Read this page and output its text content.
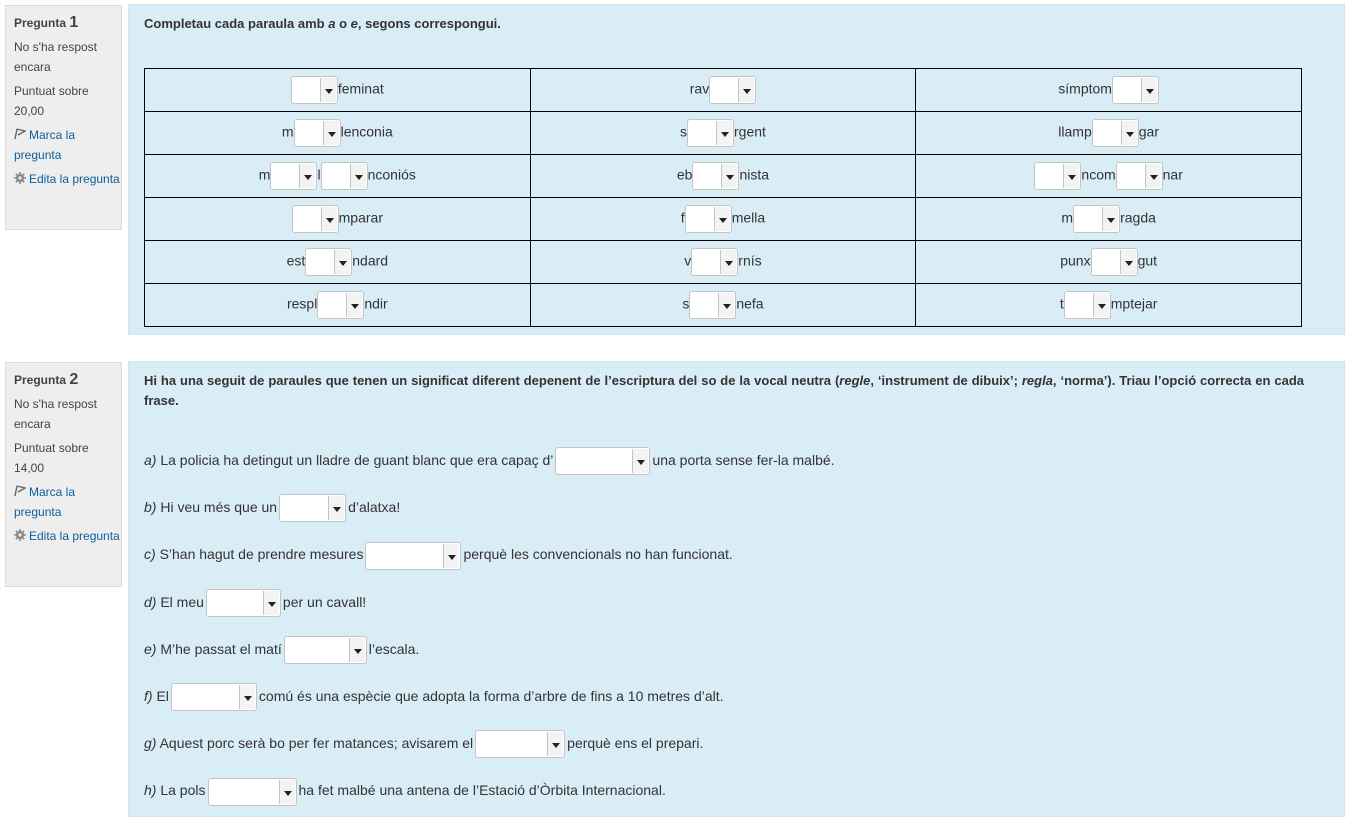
Pregunta 1
No s'ha respost encara
Puntuat sobre 20,00
Marca la pregunta
Edita la pregunta
Completau cada paraula amb a o e, segons correspongui.
feminat	rav	símptom

m lenconia	s rgent	llamp gar
m l nconiós	eb nista	ncom nar

mparar	f mella	m ragda
est ndard	v rnís	punx gut
respl ndir	s nefa	t mptejar
Pregunta 2
No s'ha respost encara
Puntuat sobre 14,00
Marca la pregunta
Edita la pregunta
Hi ha una seguit de paraules que tenen un significat diferent depenent de l’escriptura del so de la vocal neutra (regle, ‘instrument de dibuix’; regla, ‘norma’). Triau l’opció correcta en cada frase.
a) La policia ha detingut un lladre de guant blanc que era capaç d’	una porta sense fer-la malbé.
b) Hi veu més que un	d’alatxa!
c) S’han hagut de prendre mesures	perquè les convencionals no han funcionat.
d) El meu	per un cavall!
e) M’he passat el matí	l’escala.
f) El	comú és una espècie que adopta la forma d’arbre de fins a 10 metres d’alt.
g) Aquest porc serà bo per fer matances; avisarem el	perquè ens el prepari.
h) La pols	ha fet malbé una antena de l’Estació d’Òrbita Internacional.
